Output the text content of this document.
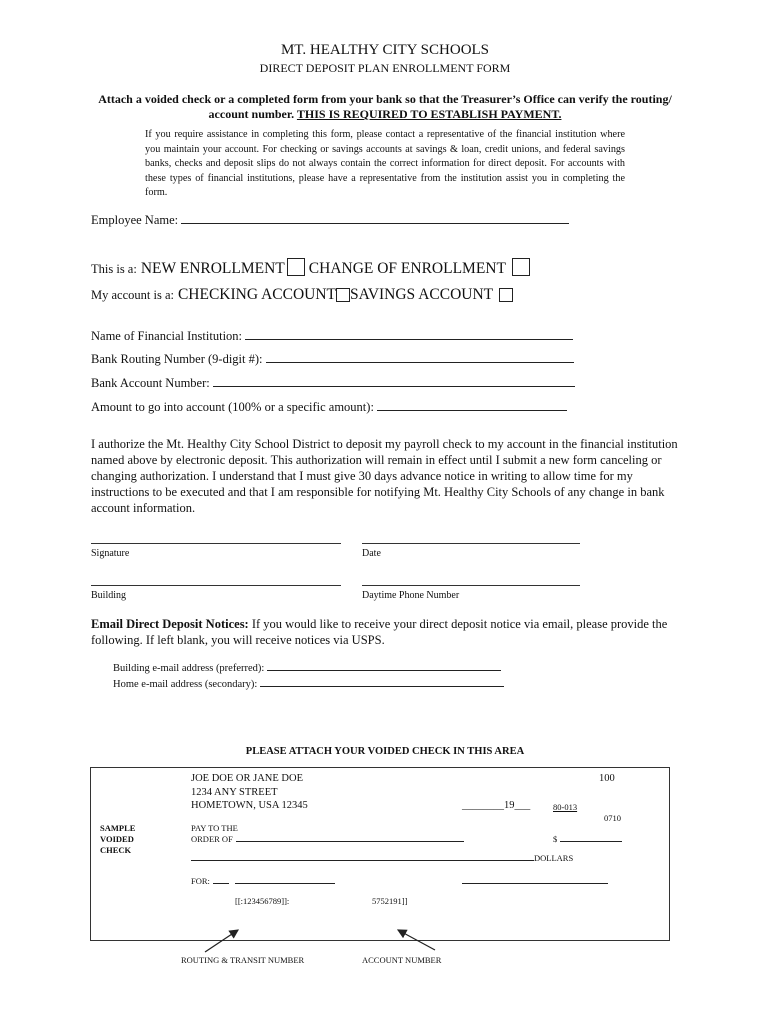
MT. HEALTHY CITY SCHOOLS
DIRECT DEPOSIT PLAN ENROLLMENT FORM
Attach a voided check or a completed form from your bank so that the Treasurer’s Office can verify the routing/
account number. THIS IS REQUIRED TO ESTABLISH PAYMENT.
If you require assistance in completing this form, please contact a representative of the financial institution where you maintain your account. For checking or savings accounts at savings & loan, credit unions, and federal savings banks, checks and deposit slips do not always contain the correct information for direct deposit. For accounts with these types of financial institutions, please have a representative from the institution assist you in completing the form.
Employee Name:
This is a: NEW ENROLLMENT CHANGE OF ENROLLMENT
My account is a: CHECKING ACCOUNT SAVINGS ACCOUNT
Name of Financial Institution:
Bank Routing Number (9-digit #):
Bank Account Number:
Amount to go into account (100% or a specific amount):
I authorize the Mt. Healthy City School District to deposit my payroll check to my account in the financial institution named above by electronic deposit. This authorization will remain in effect until I submit a new form canceling or changing authorization. I understand that I must give 30 days advance notice in writing to allow time for my instructions to be executed and that I am responsible for notifying Mt. Healthy City Schools of any change in bank account information.
Signature	Date
Building	Daytime Phone Number
Email Direct Deposit Notices: If you would like to receive your direct deposit notice via email, please provide the following. If left blank, you will receive notices via USPS.
Building e-mail address (preferred):
Home e-mail address (secondary):
PLEASE ATTACH YOUR VOIDED CHECK IN THIS AREA
JOE DOE OR JANE DOE
1234 ANY STREET
HOMETOWN, USA 12345
100
________19___	80-013
0710
SAMPLE
VOIDED
CHECK
PAY TO THE
ORDER OF	$
DOLLARS
FOR:
[[:123456789]]:	5752191]]
ROUTING & TRANSIT NUMBER	ACCOUNT NUMBER
